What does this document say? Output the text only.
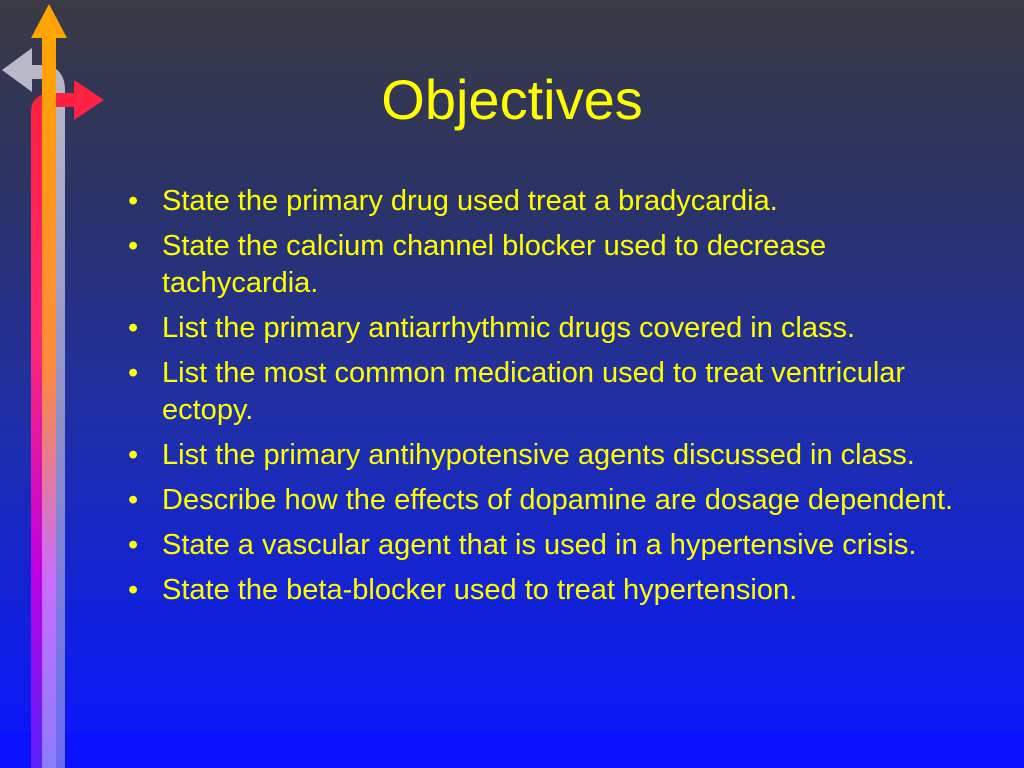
Objectives
• State the primary drug used treat a bradycardia.
• State the calcium channel blocker used to decrease tachycardia.
• List the primary antiarrhythmic drugs covered in class.
• List the most common medication used to treat ventricular ectopy.
• List the primary antihypotensive agents discussed in class.
• Describe how the effects of dopamine are dosage dependent.
• State a vascular agent that is used in a hypertensive crisis.
• State the beta-blocker used to treat hypertension.
